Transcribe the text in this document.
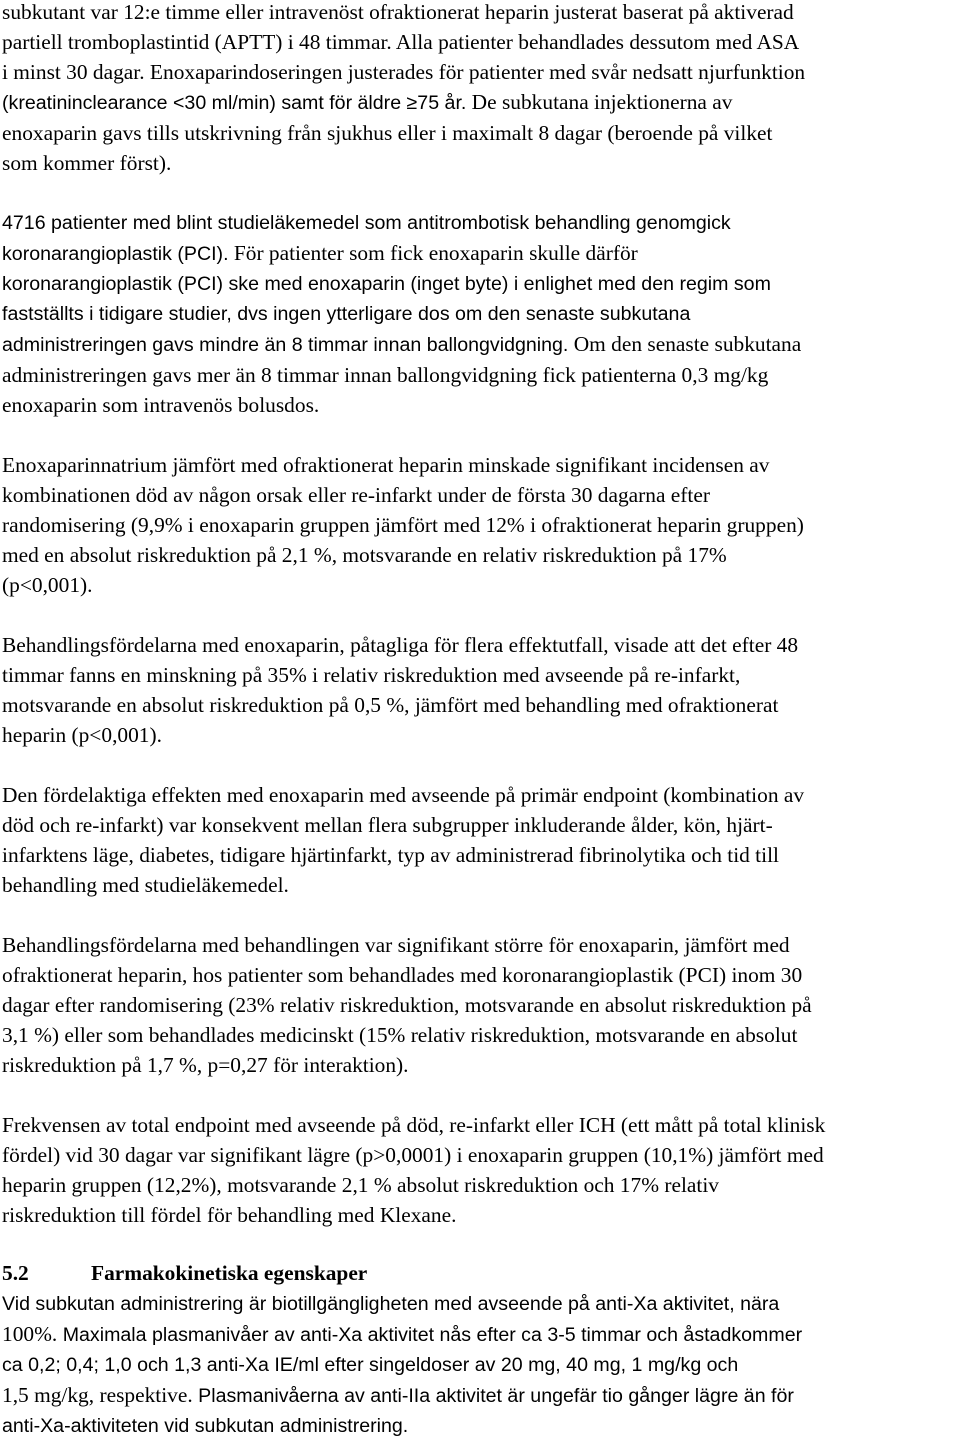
subkutant var 12:e timme eller intravenöst ofraktionerat heparin justerat baserat på aktiverad
partiell tromboplastintid (APTT) i 48 timmar. Alla patienter behandlades dessutom med ASA
i minst 30 dagar. Enoxaparindoseringen justerades för patienter med svår nedsatt njurfunktion
(kreatininclearance <30 ml/min) samt för äldre ≥75 år. De subkutana injektionerna av
enoxaparin gavs tills utskrivning från sjukhus eller i maximalt 8 dagar (beroende på vilket
som kommer först).
4716 patienter med blint studieläkemedel som antitrombotisk behandling genomgick
koronarangioplastik (PCI). För patienter som fick enoxaparin skulle därför
koronarangioplastik (PCI) ske med enoxaparin (inget byte) i enlighet med den regim som
fastställts i tidigare studier, dvs ingen ytterligare dos om den senaste subkutana
administreringen gavs mindre än 8 timmar innan ballongvidgning. Om den senaste subkutana
administreringen gavs mer än 8 timmar innan ballongvidgning fick patienterna 0,3 mg/kg
enoxaparin som intravenös bolusdos.
Enoxaparinnatrium jämfört med ofraktionerat heparin minskade signifikant incidensen av
kombinationen död av någon orsak eller re-infarkt under de första 30 dagarna efter
randomisering (9,9% i enoxaparin gruppen jämfört med 12% i ofraktionerat heparin gruppen)
med en absolut riskreduktion på 2,1 %, motsvarande en relativ riskreduktion på 17%
(p<0,001).
Behandlingsfördelarna med enoxaparin, påtagliga för flera effektutfall, visade att det efter 48
timmar fanns en minskning på 35% i relativ riskreduktion med avseende på re-infarkt,
motsvarande en absolut riskreduktion på 0,5 %, jämfört med behandling med ofraktionerat
heparin (p<0,001).
Den fördelaktiga effekten med enoxaparin med avseende på primär endpoint (kombination av
död och re-infarkt) var konsekvent mellan flera subgrupper inkluderande ålder, kön, hjärt-
infarktens läge, diabetes, tidigare hjärtinfarkt, typ av administrerad fibrinolytika och tid till
behandling med studieläkemedel.
Behandlingsfördelarna med behandlingen var signifikant större för enoxaparin, jämfört med
ofraktionerat heparin, hos patienter som behandlades med koronarangioplastik (PCI) inom 30
dagar efter randomisering (23% relativ riskreduktion, motsvarande en absolut riskreduktion på
3,1 %) eller som behandlades medicinskt (15% relativ riskreduktion, motsvarande en absolut
riskreduktion på 1,7 %, p=0,27 för interaktion).
Frekvensen av total endpoint med avseende på död, re-infarkt eller ICH (ett mått på total klinisk
fördel) vid 30 dagar var signifikant lägre (p>0,0001) i enoxaparin gruppen (10,1%) jämfört med
heparin gruppen (12,2%), motsvarande 2,1 % absolut riskreduktion och 17% relativ
riskreduktion till fördel för behandling med Klexane.
5.2	Farmakokinetiska egenskaper
Vid subkutan administrering är biotillgängligheten med avseende på anti-Xa aktivitet, nära
100%. Maximala plasmanivåer av anti-Xa aktivitet nås efter ca 3-5 timmar och åstadkommer
ca 0,2; 0,4; 1,0 och 1,3 anti-Xa IE/ml efter singeldoser av 20 mg, 40 mg, 1 mg/kg och
1,5 mg/kg, respektive. Plasmanivåerna av anti-IIa aktivitet är ungefär tio gånger lägre än för
anti-Xa-aktiviteten vid subkutan administrering.
